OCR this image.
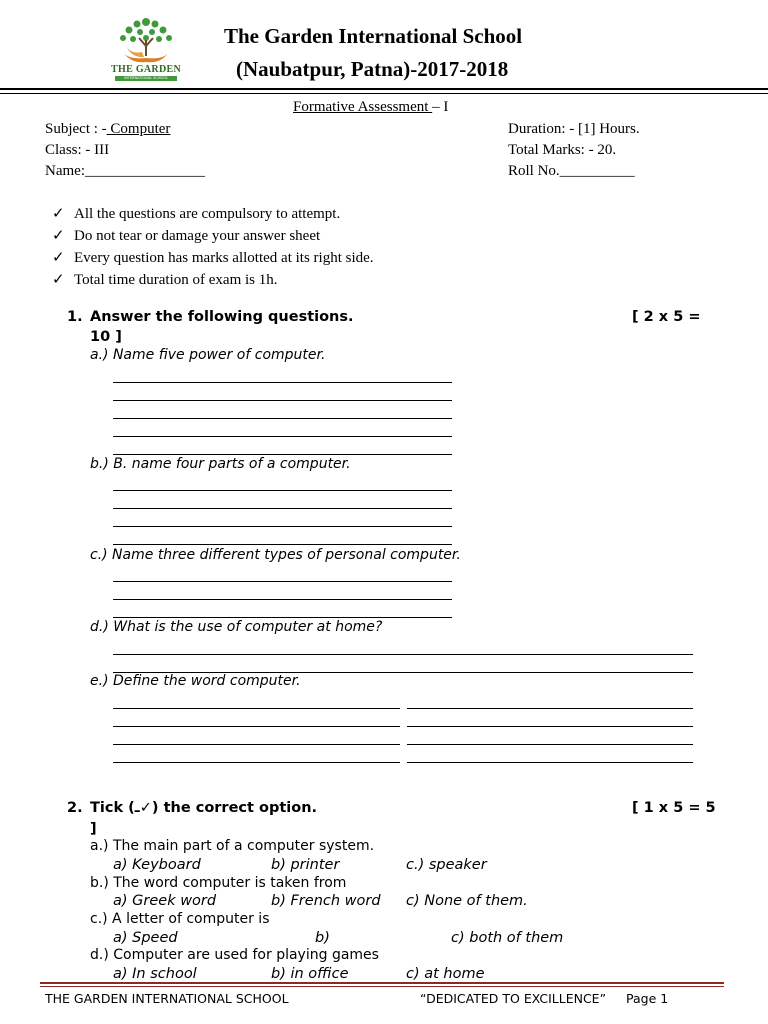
THE GARDEN
INTERNATIONAL SCHOOL
The Garden International School
(Naubatpur, Patna)-2017-2018
Formative Assessment – I
Subject : - Computer
Class: - III
Name:________________
Duration: - [1] Hours.
Total Marks: - 20.
Roll No.__________
✓ All the questions are compulsory to attempt.
✓ Do not tear or damage your answer sheet
✓ Every question has marks allotted at its right side.
✓ Total time duration of exam is 1h.
1. Answer the following questions.	[ 2 x 5 =
10 ]
a.) Name five power of computer.
b.) B. name four parts of a computer.
c.) Name three different types of personal computer.
d.) What is the use of computer at home?
e.) Define the word computer.
2. Tick (ـ✓) the correct option.	[ 1 x 5 = 5
]
a.) The main part of a computer system.
a) Keyboard	b) printer	c.) speaker
b.) The word computer is taken from
a) Greek word	b) French word c) None of them.
c.) A letter of computer is
a) Speed	b)	c) both of them
d.) Computer are used for playing games
a) In school	b) in office	c) at home
THE GARDEN INTERNATIONAL SCHOOL	“DEDICATED TO EXCILLENCE” Page 1
